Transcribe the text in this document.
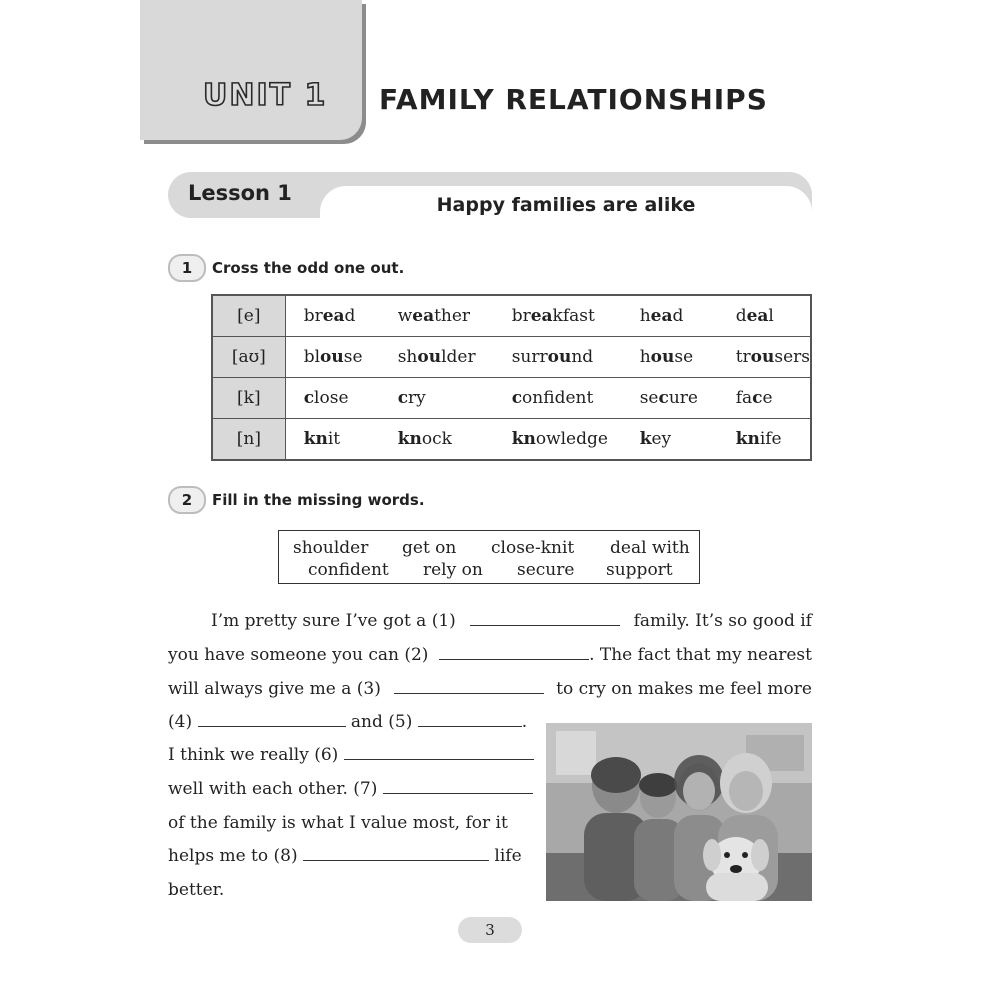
UNIT 1 FAMILY RELATIONSHIPS
Lesson 1	Happy families are alike
1	Cross the odd one out.
[e]	bread weather breakfast head deal

[aʊ]	blouse shoulder surround house trousers

[k]	close cry confident secure face

[n]	knit knock knowledge key knife
2	Fill in the missing words.
shoulder get on close-knit deal with
confident rely on secure support
I’m pretty sure I’ve got a (1)	family. It’s so good if
you have someone you can (2)	. The fact that my nearest
will always give me a (3)	to cry on makes me feel more
(4)	and (5)	.
I think we really (6)
well with each other. (7)
of the family is what I value most, for it
helps me to (8)	life
better.
3
